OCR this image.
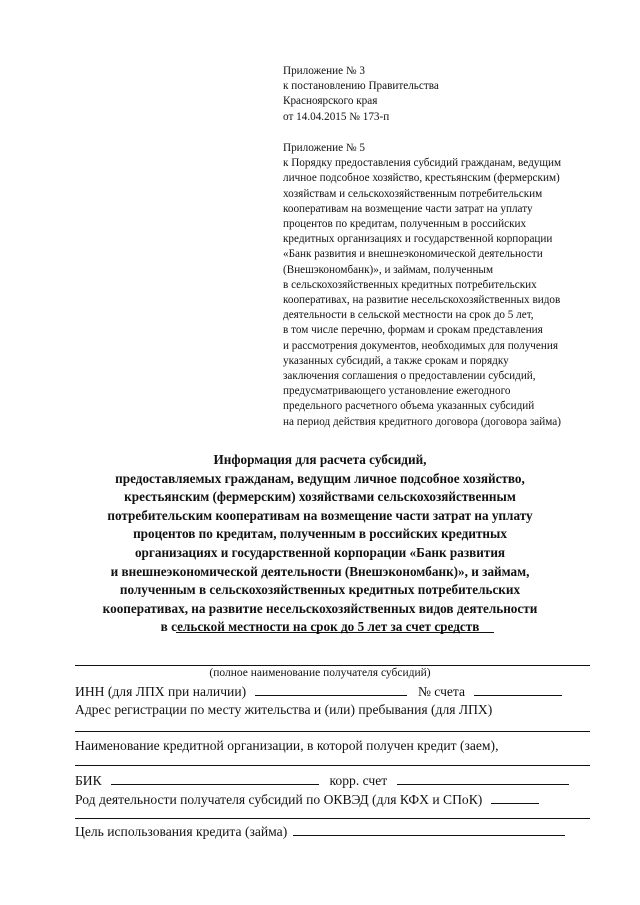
Приложение № 3
к постановлению Правительства
Красноярского края
от 14.04.2015 № 173-п
Приложение № 5
к Порядку предоставления субсидий гражданам, ведущим
личное подсобное хозяйство, крестьянским (фермерским)
хозяйствам и сельскохозяйственным потребительским
кооперативам на возмещение части затрат на уплату
процентов по кредитам, полученным в российских
кредитных организациях и государственной корпорации
«Банк развития и внешнеэкономической деятельности
(Внешэкономбанк)», и займам, полученным
в сельскохозяйственных кредитных потребительских
кооперативах, на развитие несельскохозяйственных видов
деятельности в сельской местности на срок до 5 лет,
в том числе перечню, формам и срокам представления
и рассмотрения документов, необходимых для получения
указанных субсидий, а также срокам и порядку
заключения соглашения о предоставлении субсидий,
предусматривающего установление ежегодного
предельного расчетного объема указанных субсидий
на период действия кредитного договора (договора займа)
Информация для расчета субсидий,
предоставляемых гражданам, ведущим личное подсобное хозяйство,
крестьянским (фермерским) хозяйствами сельскохозяйственным
потребительским кооперативам на возмещение части затрат на уплату
процентов по кредитам, полученным в российских кредитных
организациях и государственной корпорации «Банк развития
и внешнеэкономической деятельности (Внешэкономбанк)», и займам,
полученным в сельскохозяйственных кредитных потребительских
кооперативах, на развитие несельскохозяйственных видов деятельности
в сельской местности на срок до 5 лет за счет средств
(полное наименование получателя субсидий)
ИНН (для ЛПХ при наличии)	№ счета
Адрес регистрации по месту жительства и (или) пребывания (для ЛПХ)
Наименование кредитной организации, в которой получен кредит (заем),
БИК	корр. счет
Род деятельности получателя субсидий по ОКВЭД (для КФХ и СПоК)
Цель использования кредита (займа)
